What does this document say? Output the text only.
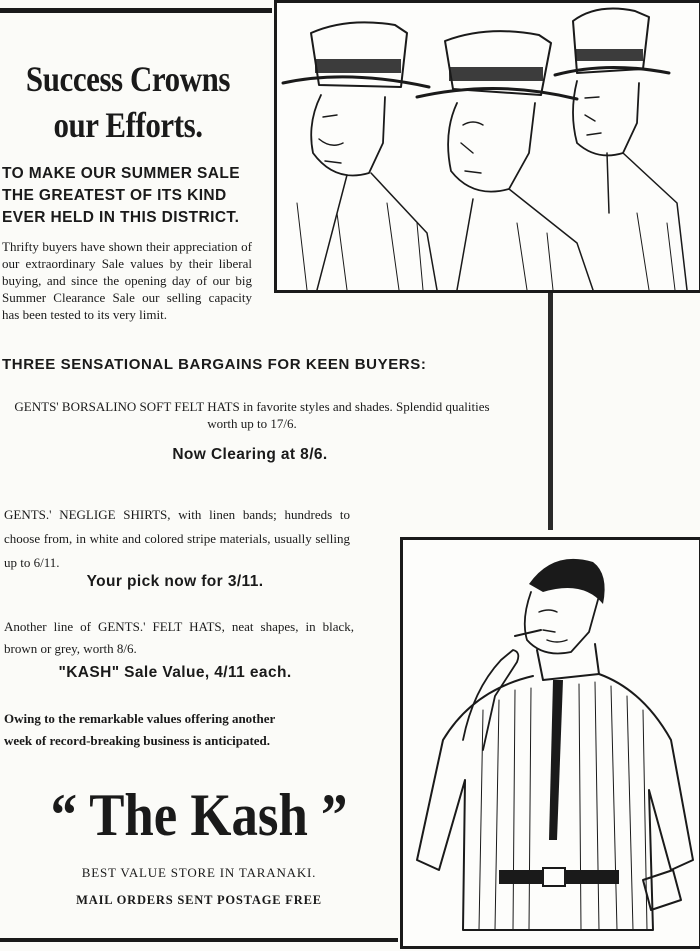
Success Crowns
our Efforts.
TO MAKE OUR SUMMER SALE
THE GREATEST OF ITS KIND
EVER HELD IN THIS DISTRICT.
Thrifty buyers have shown their appreciation of our extraordinary Sale values by their liberal buying, and since the opening day of our big Summer Clearance Sale our selling capacity has been tested to its very limit.
THREE SENSATIONAL BARGAINS FOR KEEN BUYERS:
GENTS' BORSALINO SOFT FELT HATS in favorite styles and shades. Splendid qualities worth up to 17/6.
Now Clearing at 8/6.
GENTS.' NEGLIGE SHIRTS, with linen bands; hundreds to choose from, in white and colored stripe materials, usually selling up to 6/11.
Your pick now for 3/11.
Another line of GENTS.' FELT HATS, neat shapes, in black, brown or grey, worth 8/6.
"KASH" Sale Value, 4/11 each.
Owing to the remarkable values offering another week of record-breaking business is anticipated.
“ The Kash ”
BEST VALUE STORE IN TARANAKI.
MAIL ORDERS SENT POSTAGE FREE
